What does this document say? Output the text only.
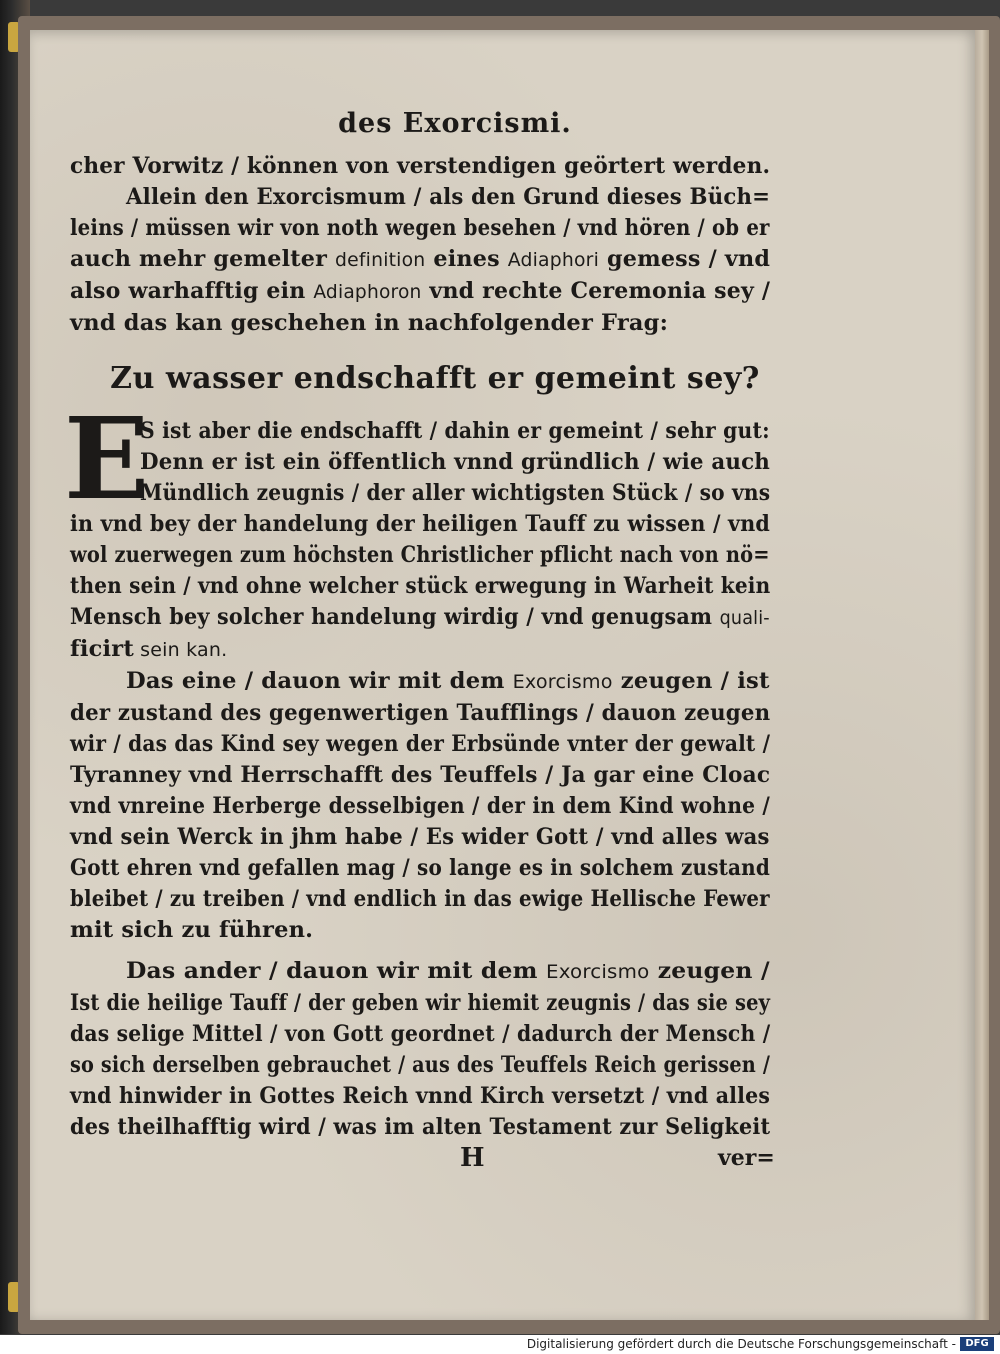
des Exorcismi.
cher Vorwitz / können von verstendigen geörtert werden.
Allein den Exorcismum / als den Grund dieses Büch=
leins / müssen wir von noth wegen besehen / vnd hören / ob er
auch mehr gemelter definition eines Adiaphori gemess / vnd
also warhafftig ein Adiaphoron vnd rechte Ceremonia sey /
vnd das kan geschehen in nachfolgender Frag:
Zu wasser endschafft er gemeint sey?
E
S ist aber die endschafft / dahin er gemeint / sehr gut:
Denn er ist ein öffentlich vnnd gründlich / wie auch
Mündlich zeugnis / der aller wichtigsten Stück / so vns
in vnd bey der handelung der heiligen Tauff zu wissen / vnd
wol zuerwegen zum höchsten Christlicher pflicht nach von nö=
then sein / vnd ohne welcher stück erwegung in Warheit kein
Mensch bey solcher handelung wirdig / vnd genugsam quali-
ficirt sein kan.
Das eine / dauon wir mit dem Exorcismo zeugen / ist
der zustand des gegenwertigen Taufflings / dauon zeugen
wir / das das Kind sey wegen der Erbsünde vnter der gewalt /
Tyranney vnd Herrschafft des Teuffels / Ja gar eine Cloac
vnd vnreine Herberge desselbigen / der in dem Kind wohne /
vnd sein Werck in jhm habe / Es wider Gott / vnd alles was
Gott ehren vnd gefallen mag / so lange es in solchem zustand
bleibet / zu treiben / vnd endlich in das ewige Hellische Fewer
mit sich zu führen.
Das ander / dauon wir mit dem Exorcismo zeugen /
Ist die heilige Tauff / der geben wir hiemit zeugnis / das sie sey
das selige Mittel / von Gott geordnet / dadurch der Mensch /
so sich derselben gebrauchet / aus des Teuffels Reich gerissen /
vnd hinwider in Gottes Reich vnnd Kirch versetzt / vnd alles
des theilhafftig wird / was im alten Testament zur Seligkeit
H	ver=
Digitalisierung gefördert durch die Deutsche Forschungsgemeinschaft - DFG
